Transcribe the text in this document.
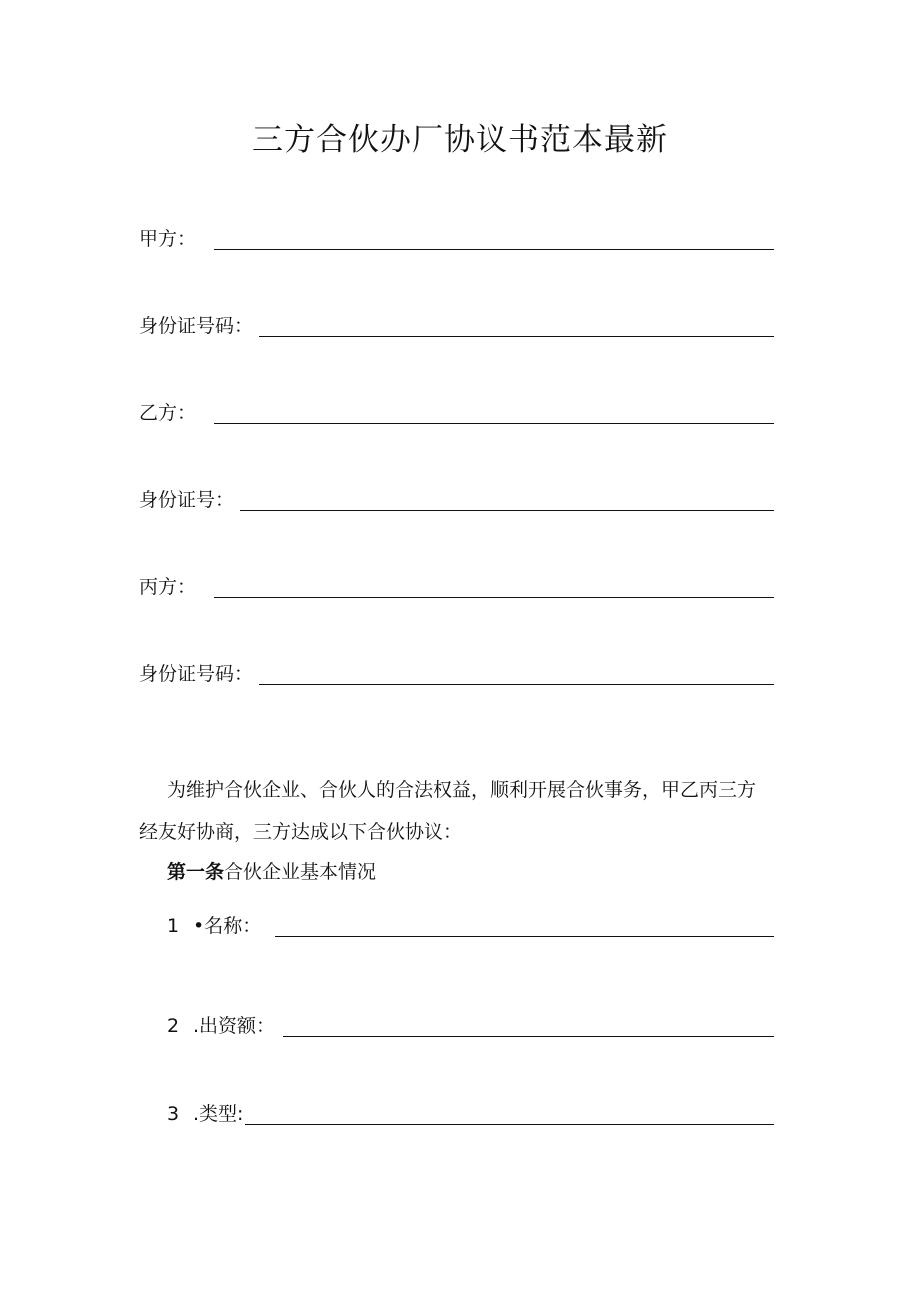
三方合伙办厂协议书范本最新
甲方：
身份证号码：
乙方：
身份证号：
丙方：
身份证号码：

为维护合伙企业、合伙人的合法权益，顺利开展合伙事务，甲乙丙三方

经友好协商，三方达成以下合伙协议：

第一条合伙企业基本情况
1 •名称：
2 .出资额：
3 .类型:
